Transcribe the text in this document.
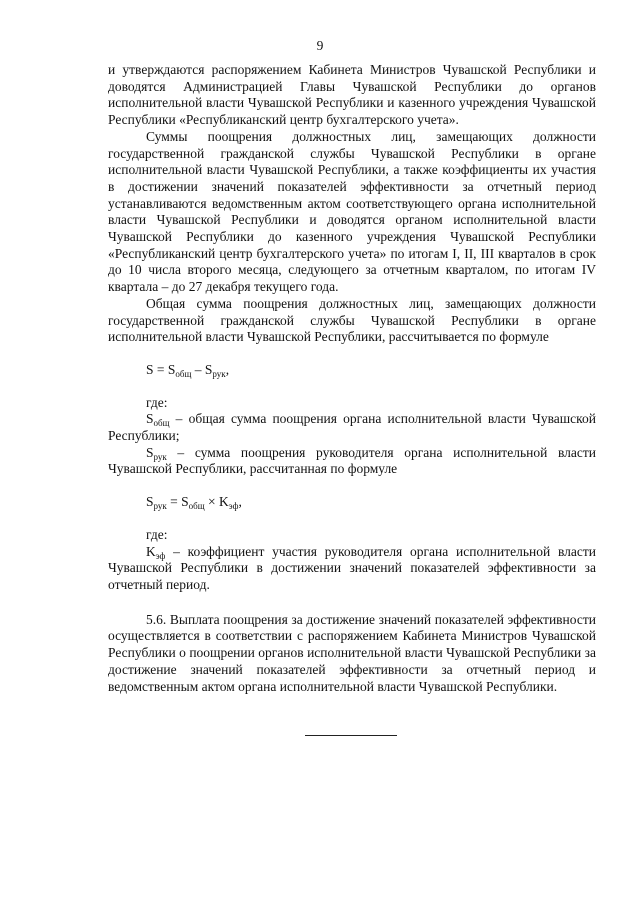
9

и утверждаются распоряжением Кабинета Министров Чувашской Республики и доводятся Администрацией Главы Чувашской Республики до органов исполнительной власти Чувашской Республики и казенного учреждения Чувашской Республики «Республиканский центр бухгалтерского учета».

Суммы поощрения должностных лиц, замещающих должности государственной гражданской службы Чувашской Республики в органе исполнительной власти Чувашской Республики, а также коэффициенты их участия в достижении значений показателей эффективности за отчетный период устанавливаются ведомственным актом соответствующего органа исполнительной власти Чувашской Республики и доводятся органом исполнительной власти Чувашской Республики до казенного учреждения Чувашской Республики «Республиканский центр бухгалтерского учета» по итогам I, II, III кварталов в срок до 10 числа второго месяца, следующего за отчетным кварталом, по итогам IV квартала – до 27 декабря текущего года.

Общая сумма поощрения должностных лиц, замещающих должности государственной гражданской службы Чувашской Республики в органе исполнительной власти Чувашской Республики, рассчитывается по формуле

$S = S_{общ} - S_{рук}$,
где:

$S_{общ}$ – общая сумма поощрения органа исполнительной власти Чувашской Республики;

$S_{рук}$ – сумма поощрения руководителя органа исполнительной власти Чувашской Республики, рассчитанная по формуле

$S_{рук} = S_{общ} \times K_{эф}$,
где:

$K_{эф}$ – коэффициент участия руководителя органа исполнительной власти Чувашской Республики в достижении значений показателей эффективности за отчетный период.

5.6. Выплата поощрения за достижение значений показателей эффективности осуществляется в соответствии с распоряжением Кабинета Министров Чувашской Республики о поощрении органов исполнительной власти Чувашской Республики за достижение значений показателей эффективности за отчетный период и ведомственным актом органа исполнительной власти Чувашской Республики.
